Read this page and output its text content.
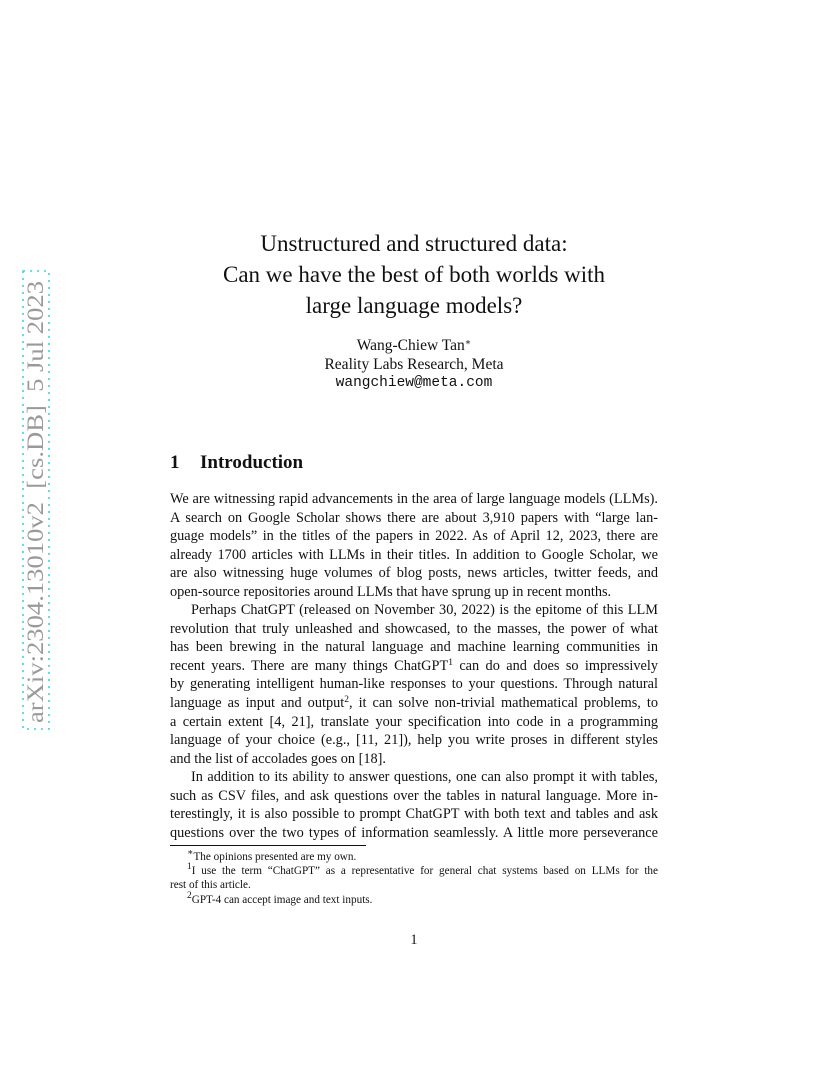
arXiv:2304.13010v2  [cs.DB]  5 Jul 2023
Unstructured and structured data:
Can we have the best of both worlds with
large language models?
Wang-Chiew Tan∗
Reality Labs Research, Meta
wangchiew@meta.com
1 Introduction
We are witnessing rapid advancements in the area of large language models (LLMs).
A search on Google Scholar shows there are about 3,910 papers with “large lan-
guage models” in the titles of the papers in 2022. As of April 12, 2023, there are
already 1700 articles with LLMs in their titles. In addition to Google Scholar, we
are also witnessing huge volumes of blog posts, news articles, twitter feeds, and
open-source repositories around LLMs that have sprung up in recent months.
Perhaps ChatGPT (released on November 30, 2022) is the epitome of this LLM
revolution that truly unleashed and showcased, to the masses, the power of what
has been brewing in the natural language and machine learning communities in
recent years. There are many things ChatGPT$^1$ can do and does so impressively
by generating intelligent human-like responses to your questions. Through natural
language as input and output$^2$, it can solve non-trivial mathematical problems, to
a certain extent [4, 21], translate your specification into code in a programming
language of your choice (e.g., [11, 21]), help you write proses in different styles
and the list of accolades goes on [18].
In addition to its ability to answer questions, one can also prompt it with tables,
such as CSV files, and ask questions over the tables in natural language. More in-
terestingly, it is also possible to prompt ChatGPT with both text and tables and ask
questions over the two types of information seamlessly. A little more perseverance
∗The opinions presented are my own.
$^1$I use the term “ChatGPT” as a representative for general chat systems based on LLMs for the
rest of this article.
$^2$GPT-4 can accept image and text inputs.
1
